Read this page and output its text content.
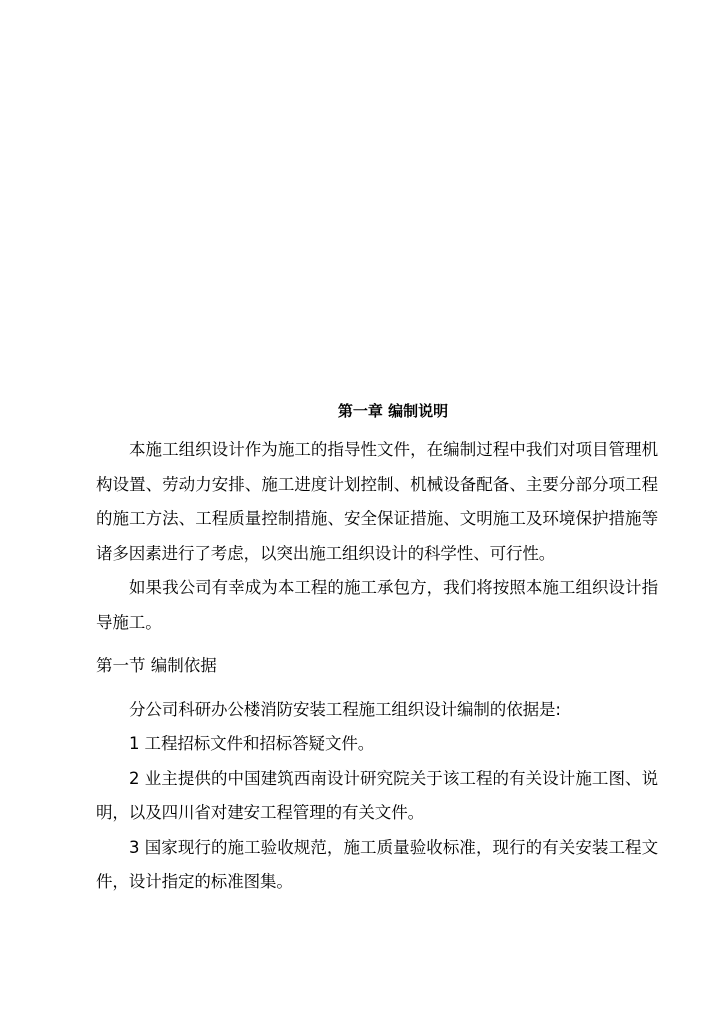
第一章 编制说明

本施工组织设计作为施工的指导性文件，在编制过程中我们对项目管理机构设置、劳动力安排、施工进度计划控制、机械设备配备、主要分部分项工程的施工方法、工程质量控制措施、安全保证措施、文明施工及环境保护措施等诸多因素进行了考虑，以突出施工组织设计的科学性、可行性。

如果我公司有幸成为本工程的施工承包方，我们将按照本施工组织设计指导施工。

第一节 编制依据

分公司科研办公楼消防安装工程施工组织设计编制的依据是:

1 工程招标文件和招标答疑文件。

2 业主提供的中国建筑西南设计研究院关于该工程的有关设计施工图、说明，以及四川省对建安工程管理的有关文件。

3 国家现行的施工验收规范，施工质量验收标准，现行的有关安装工程文件，设计指定的标准图集。
